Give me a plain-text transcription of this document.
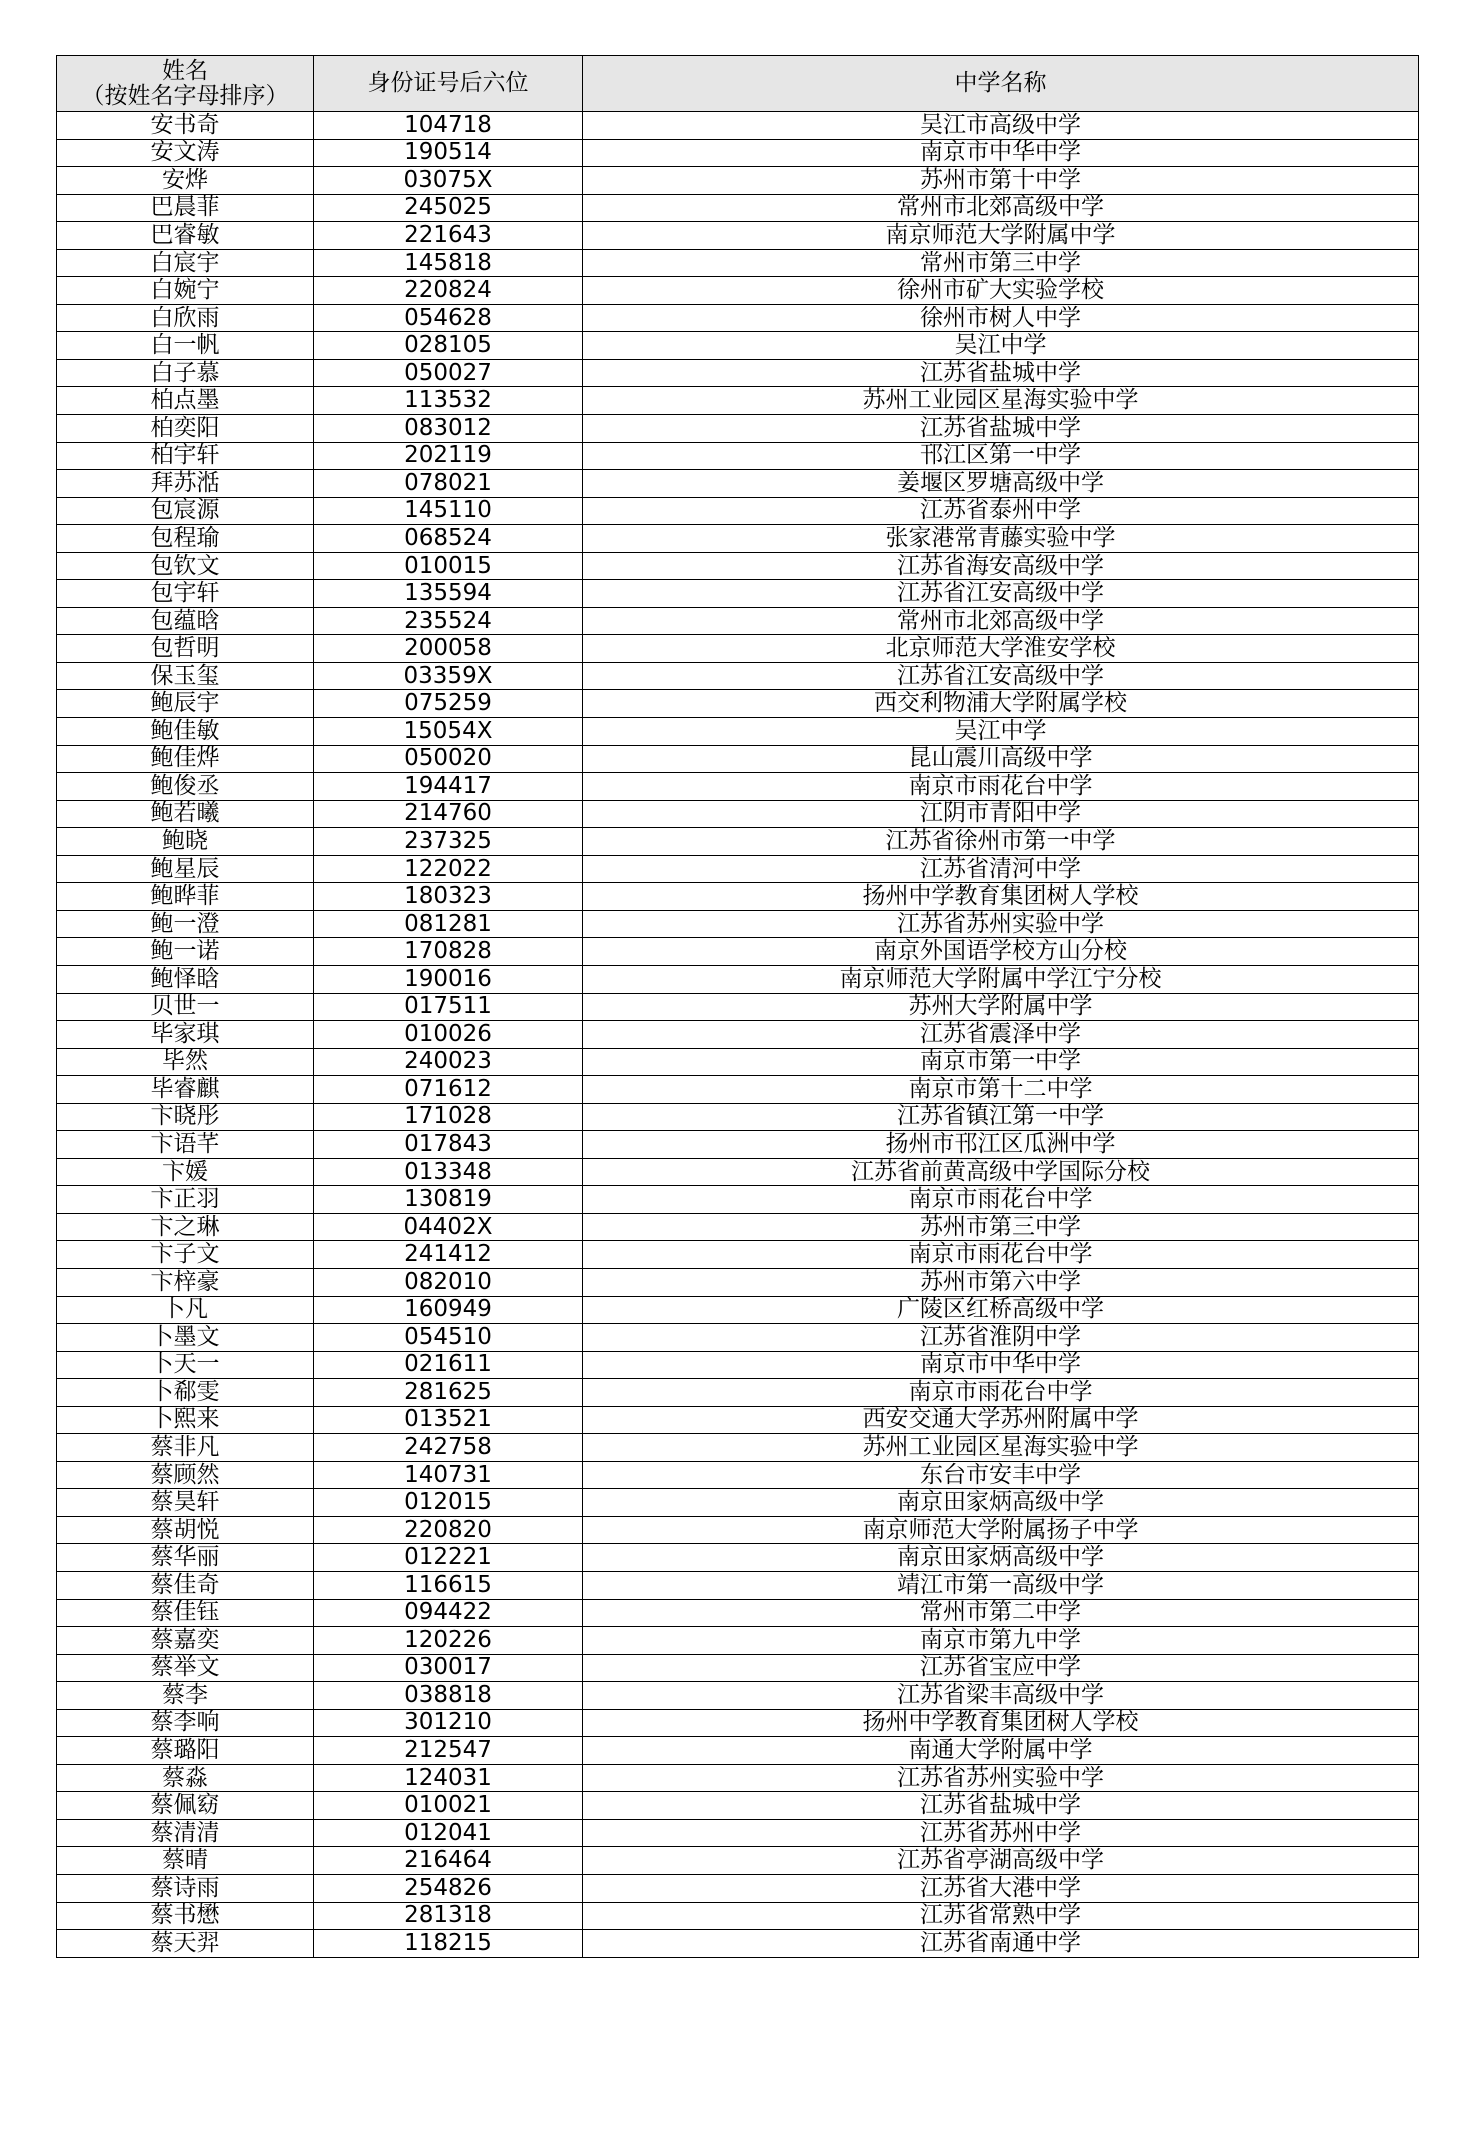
姓名
（按姓名字母排序）	身份证号后六位	中学名称
安书奇	104718	吴江市高级中学
安文涛	190514	南京市中华中学
安烨	03075X	苏州市第十中学
巴晨菲	245025	常州市北郊高级中学
巴睿敏	221643	南京师范大学附属中学
白宸宇	145818	常州市第三中学
白婉宁	220824	徐州市矿大实验学校
白欣雨	054628	徐州市树人中学
白一帆	028105	吴江中学
白子慕	050027	江苏省盐城中学
柏点墨	113532	苏州工业园区星海实验中学
柏奕阳	083012	江苏省盐城中学
柏宇轩	202119	邗江区第一中学
拜苏湉	078021	姜堰区罗塘高级中学
包宸源	145110	江苏省泰州中学
包程瑜	068524	张家港常青藤实验中学
包钦文	010015	江苏省海安高级中学
包宇轩	135594	江苏省江安高级中学
包蕴晗	235524	常州市北郊高级中学
包哲明	200058	北京师范大学淮安学校
保玉玺	03359X	江苏省江安高级中学
鲍辰宇	075259	西交利物浦大学附属学校
鲍佳敏	15054X	吴江中学
鲍佳烨	050020	昆山震川高级中学
鲍俊丞	194417	南京市雨花台中学
鲍若曦	214760	江阴市青阳中学
鲍晓	237325	江苏省徐州市第一中学
鲍星辰	122022	江苏省清河中学
鲍晔菲	180323	扬州中学教育集团树人学校
鲍一澄	081281	江苏省苏州实验中学
鲍一诺	170828	南京外国语学校方山分校
鲍怿晗	190016	南京师范大学附属中学江宁分校
贝世一	017511	苏州大学附属中学
毕家琪	010026	江苏省震泽中学
毕然	240023	南京市第一中学
毕睿麒	071612	南京市第十二中学
卞晓彤	171028	江苏省镇江第一中学
卞语芊	017843	扬州市邗江区瓜洲中学
卞媛	013348	江苏省前黄高级中学国际分校
卞正羽	130819	南京市雨花台中学
卞之琳	04402X	苏州市第三中学
卞子文	241412	南京市雨花台中学
卞梓豪	082010	苏州市第六中学
卜凡	160949	广陵区红桥高级中学
卜墨文	054510	江苏省淮阴中学
卜天一	021611	南京市中华中学
卜郗雯	281625	南京市雨花台中学
卜熙来	013521	西安交通大学苏州附属中学
蔡非凡	242758	苏州工业园区星海实验中学
蔡顾然	140731	东台市安丰中学
蔡昊轩	012015	南京田家炳高级中学
蔡胡悦	220820	南京师范大学附属扬子中学
蔡华丽	012221	南京田家炳高级中学
蔡佳奇	116615	靖江市第一高级中学
蔡佳钰	094422	常州市第二中学
蔡嘉奕	120226	南京市第九中学
蔡举文	030017	江苏省宝应中学
蔡李	038818	江苏省梁丰高级中学
蔡李响	301210	扬州中学教育集团树人学校
蔡璐阳	212547	南通大学附属中学
蔡淼	124031	江苏省苏州实验中学
蔡佩窈	010021	江苏省盐城中学
蔡清清	012041	江苏省苏州中学
蔡晴	216464	江苏省亭湖高级中学
蔡诗雨	254826	江苏省大港中学
蔡书懋	281318	江苏省常熟中学
蔡天羿	118215	江苏省南通中学
